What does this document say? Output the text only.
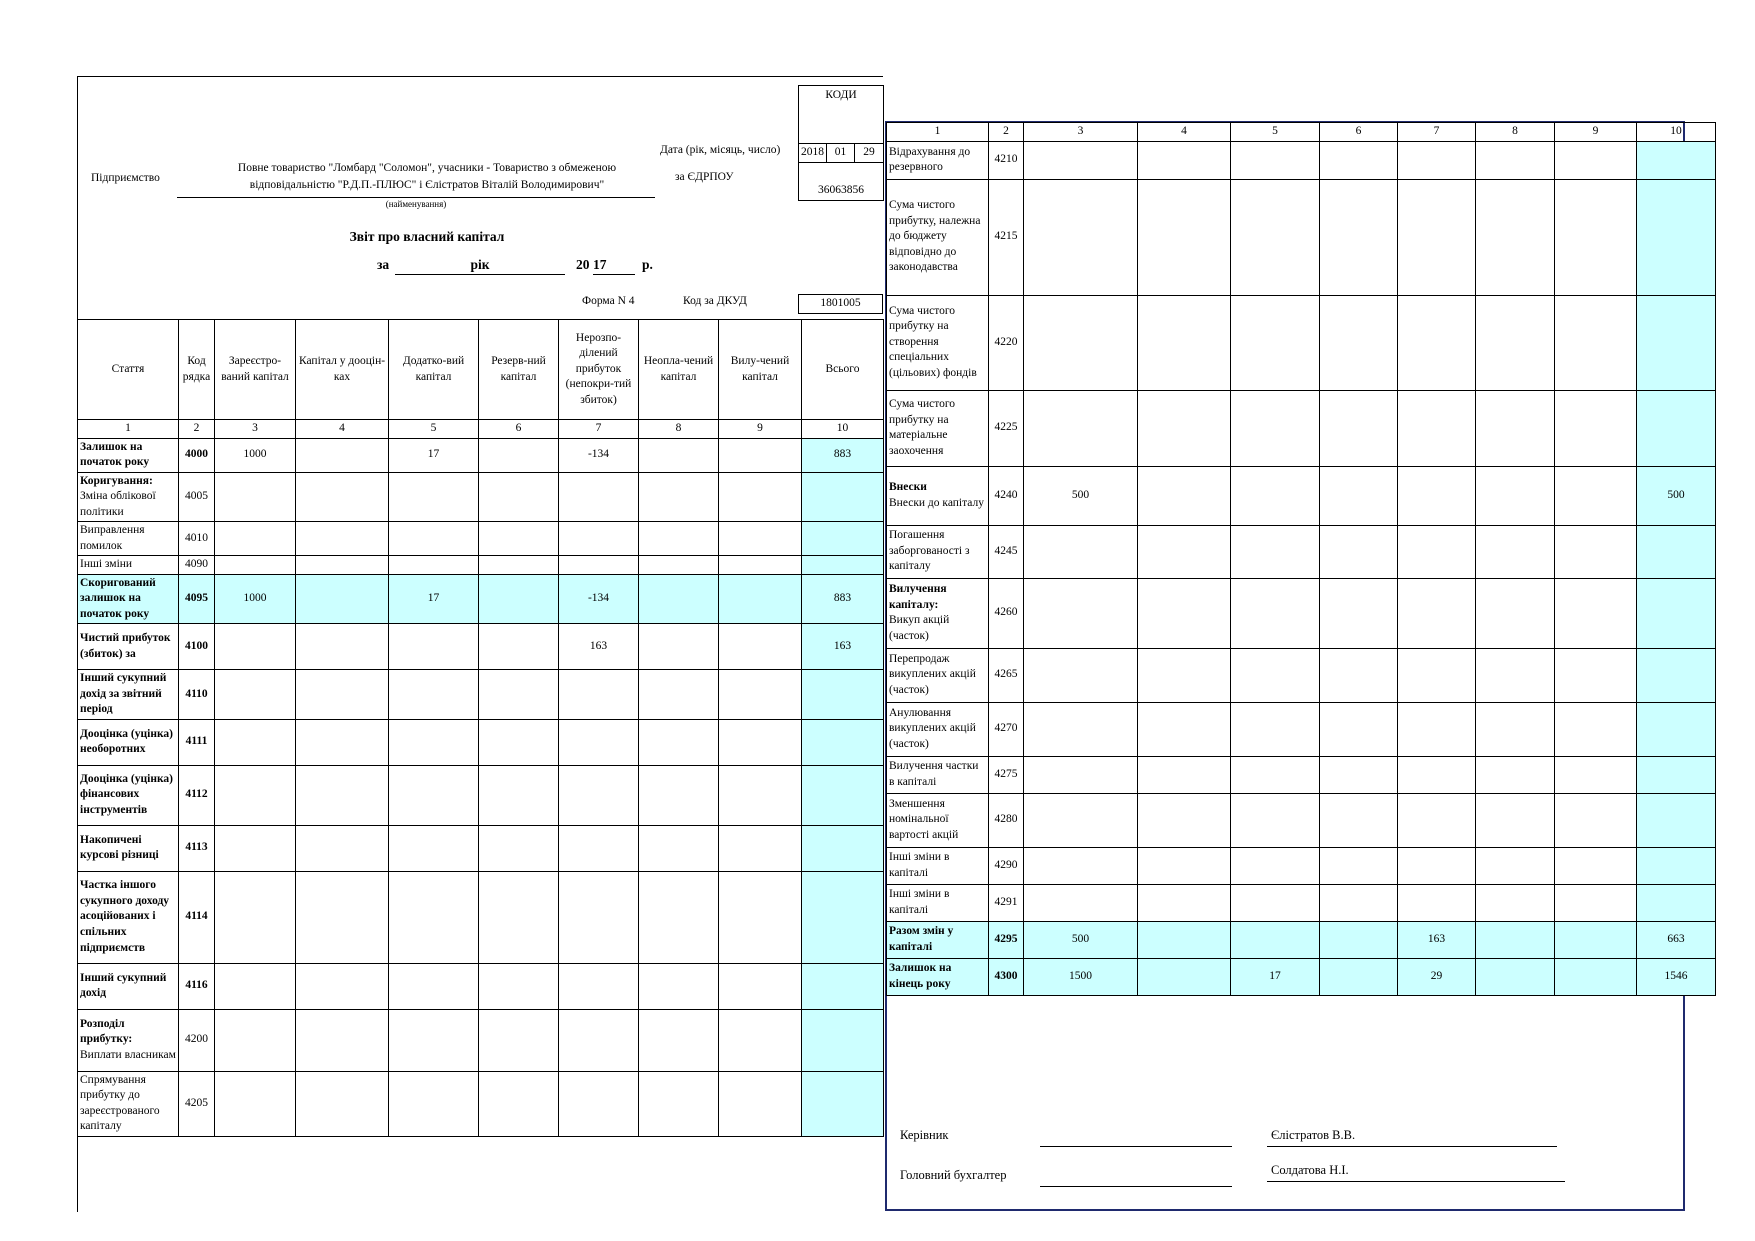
КОДИ
2018	01	29
36063856
Дата (рік, місяць, число)
за ЄДРПОУ
Підприємство
Повне товариство "Ломбард "Соломон", учасники - Товариство з обмеженою
відповідальністю "Р.Д.П.-ПЛЮС" і Єлістратов Віталій Володимирович"
(найменування)
Звіт про власний капітал
за	рік	20 17	р.
Форма N 4	Код за ДКУД	1801005
Стаття	Код рядка	Зареєстро-ваний капітал	Капітал у дооцін-ках	Додатко-вий капітал	Резерв-ний капітал	Нерозпо-ділений прибуток (непокри-тий збиток)	Неопла-чений капітал	Вилу-чений капітал	Всього
1	2	3	4	5	6	7	8	9	10
Залишок на початок року	4000	1000		17		-134			883
Коригування:
Зміна облікової політики	4005								
Виправлення помилок	4010								
Інші зміни	4090								
Скоригований залишок на початок року	4095	1000		17		-134			883
Чистий прибуток (збиток) за	4100					163			163
Інший сукупний дохід за звітний період	4110								
Дооцінка (уцінка) необоротних	4111								
Дооцінка (уцінка) фінансових інструментів	4112								
Накопичені курсові різниці	4113								
Частка іншого сукупного доходу асоційованих і спільних підприємств	4114								
Інший сукупний дохід	4116								
Розподіл прибутку:
Виплати власникам	4200								
Спрямування прибутку до зареєстрованого капіталу	4205								
1	2	3	4	5	6	7	8	9	10
Відрахування до резервного	4210								
Сума чистого прибутку, належна до бюджету відповідно до законодавства	4215								
Сума чистого прибутку на створення спеціальних (цільових) фондів	4220								
Сума чистого прибутку на матеріальне заохочення	4225								
Внески
Внески до капіталу	4240	500							500
Погашення заборгованості з капіталу	4245								
Вилучення капіталу:
Викуп акцій (часток)	4260								
Перепродаж викуплених акцій (часток)	4265								
Анулювання викуплених акцій (часток)	4270								
Вилучення частки в капіталі	4275								
Зменшення номінальної вартості акцій	4280								
Інші зміни в капіталі	4290								
Інші зміни в капіталі	4291								
Разом змін у капіталі	4295	500				163			663
Залишок на кінець року	4300	1500		17		29			1546
Керівник	Єлістратов В.В.
Головний бухгалтер	Солдатова Н.І.
